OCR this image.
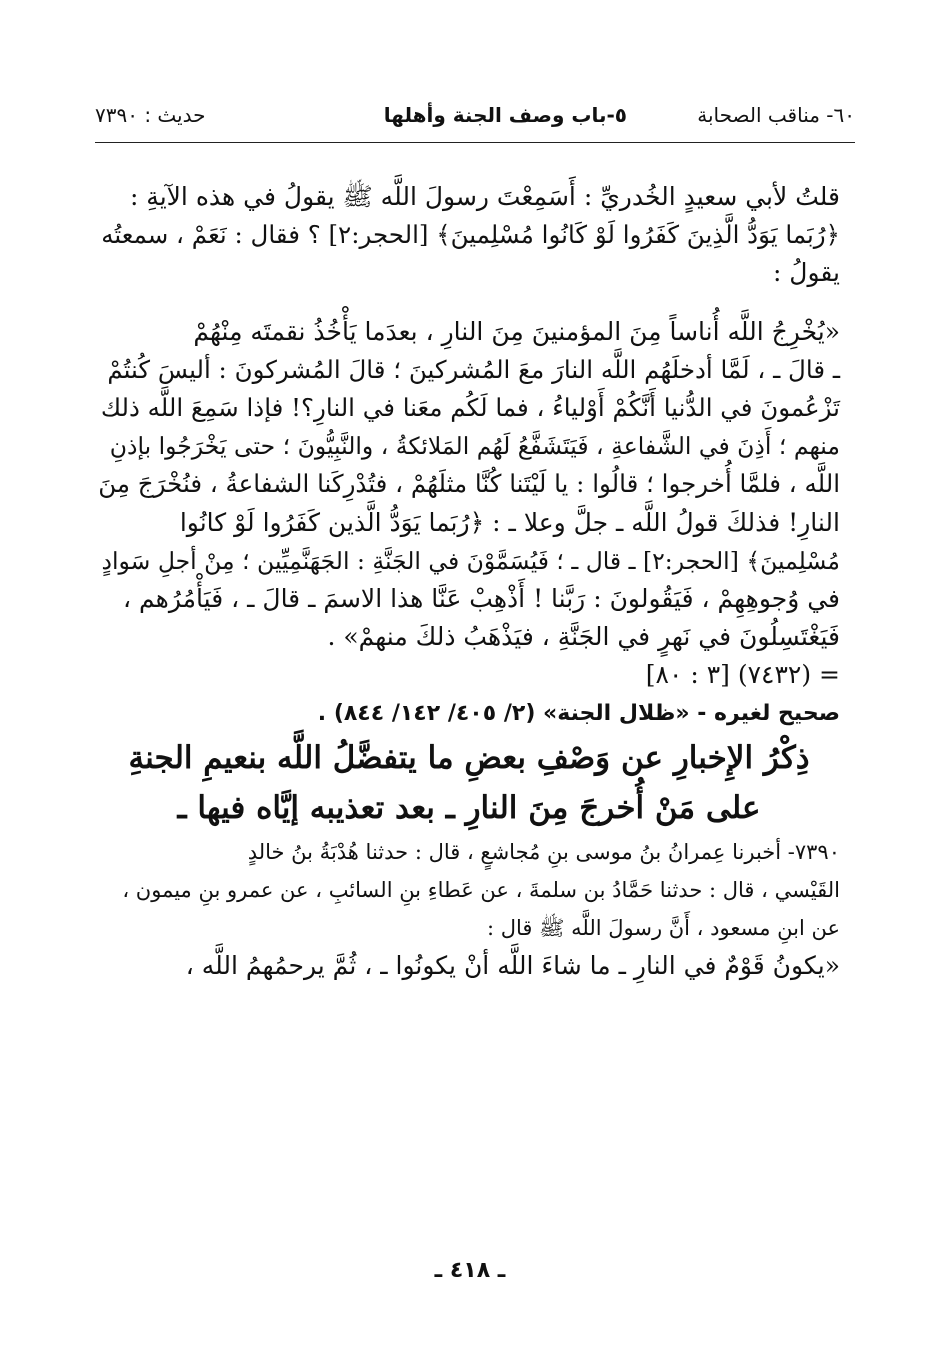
٦٠- مناقب الصحابة
٥-باب وصف الجنة وأهلها
حديث : ٧٣٩٠

قلتُ لأبي سعيدٍ الخُدريِّ : أَسَمِعْتَ رسولَ اللَّه ﷺ يقولُ في هذه الآيةِ :
﴿رُبَما يَوَدُّ الَّذِينَ كَفَرُوا لَوْ كَانُوا مُسْلِمينَ﴾ [الحجر:٢] ؟ فقال : نَعَمْ ، سمعتُه
يقولُ :

«يُخْرِجُ اللَّه أُناساً مِنَ المؤمنينَ مِنَ النارِ ، بعدَما يَأْخُذُ نقمتَه مِنْهُمْ
ـ قالَ ـ ، لَمَّا أدخلَهُم اللَّه النارَ معَ المُشركينَ ؛ قالَ المُشركونَ : أليسَ كُنتُمْ
تَزْعُمونَ في الدُّنيا أَنَّكُمْ أَوْلياءُ ، فما لَكُم معَنا في النارِ؟! فإذا سَمِعَ اللَّه ذلك
منهم ؛ أَذِنَ في الشَّفاعةِ ، فَيَتَشَفَّعُ لَهُم المَلائكةُ ، والنَّبِيُّونَ ؛ حتى يَخْرَجُوا بإذنِ
اللَّه ، فلمَّا أُخرجوا ؛ قالُوا : يا لَيْتَنا كُنَّا مثلَهُمْ ، فتُدْرِكَنا الشفاعةُ ، فنُخْرَجَ مِنَ
النارِ! فذلكَ قولُ اللَّه ـ جلَّ وعلا ـ : ﴿رُبَما يَوَدُّ الَّذين كَفَرُوا لَوْ كانُوا
مُسْلِمينَ﴾ [الحجر:٢] ـ قال ـ ؛ فَيُسَمَّوْنَ في الجَنَّةِ : الجَهَنَّمِيِّين ؛ مِنْ أجلِ سَوادٍ
في وُجوهِهِمْ ، فَيَقُولونَ : رَبَّنا ! أَذْهِبْ عَنَّا هذا الاسمَ ـ قالَ ـ ، فَيَأْمُرُهم ،
فَيَغْتَسِلُونَ في نَهرٍ في الجَنَّةِ ، فيَذْهَبُ ذلكَ منهمْ» .

= (٧٤٣٢) [٣ : ٨٠]

صحيح لغيره - «ظلال الجنة» (٢/ ٤٠٥/ ١٤٢/ ٨٤٤) .

ذِكْرُ الإِخبارِ عن وَصْفِ بعضِ ما يتفضَّلُ اللَّه بنعيمِ الجنةِ
على مَنْ أُخرجَ مِنَ النارِ ـ بعد تعذيبه إيَّاه فيها ـ

٧٣٩٠- أخبرنا عِمرانُ بنُ موسى بنِ مُجاشعٍ ، قال : حدثنا هُدْبَةُ بنُ خالدٍ
القَيْسي ، قال : حدثنا حَمَّادُ بن سلمةَ ، عن عَطاءِ بنِ السائبِ ، عن عمرو بنِ ميمون ،
عن ابنِ مسعود ، أَنَّ رسولَ اللَّه ﷺ قال :

«يكونُ قَوْمٌ في النارِ ـ ما شاءَ اللَّه أنْ يكونُوا ـ ، ثُمَّ يرحمُهمُ اللَّه ،

ـ ٤١٨ ـ
